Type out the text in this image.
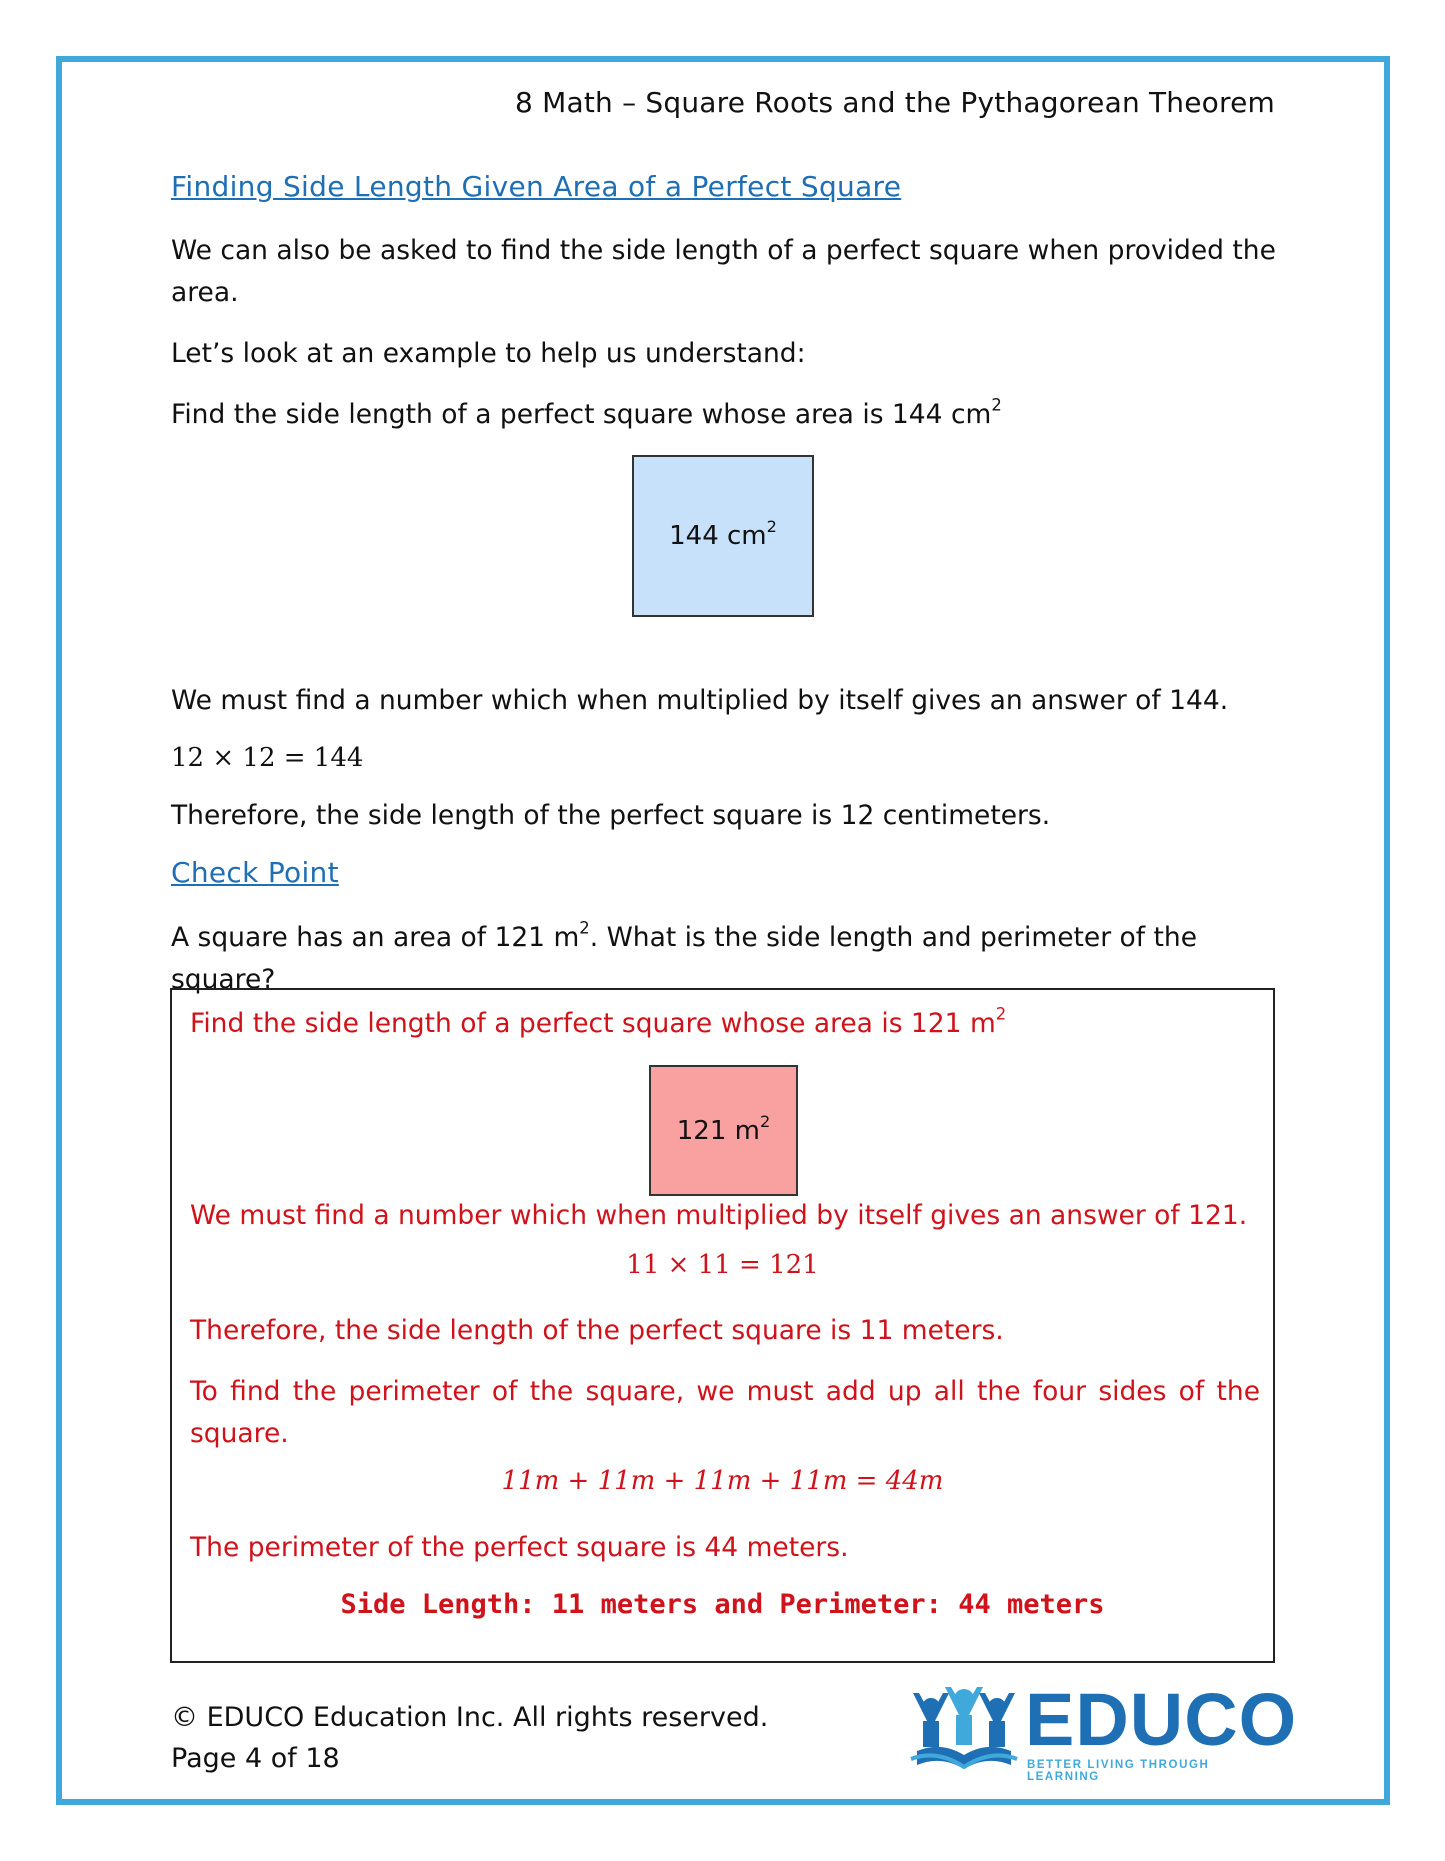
8 Math – Square Roots and the Pythagorean Theorem
Finding Side Length Given Area of a Perfect Square
We can also be asked to find the side length of a perfect square when provided the area.
Let’s look at an example to help us understand:
Find the side length of a perfect square whose area is 144 $cm^2$
144 $cm^2$
We must find a number which when multiplied by itself gives an answer of 144.
12 × 12 = 144
Therefore, the side length of the perfect square is 12 centimeters.
Check Point
A square has an area of 121 $m^2$. What is the side length and perimeter of the square?
Find the side length of a perfect square whose area is 121 $m^2$
121 $m^2$
We must find a number which when multiplied by itself gives an answer of 121.
11 × 11 = 121
Therefore, the side length of the perfect square is 11 meters.
To find the perimeter of the square, we must add up all the four sides of the square.
11m + 11m + 11m + 11m = 44m
The perimeter of the perfect square is 44 meters.
Side Length: 11 meters and Perimeter: 44 meters
© EDUCO Education Inc. All rights reserved.
Page 4 of 18	EDUCO
BETTER LIVING THROUGH LEARNING
